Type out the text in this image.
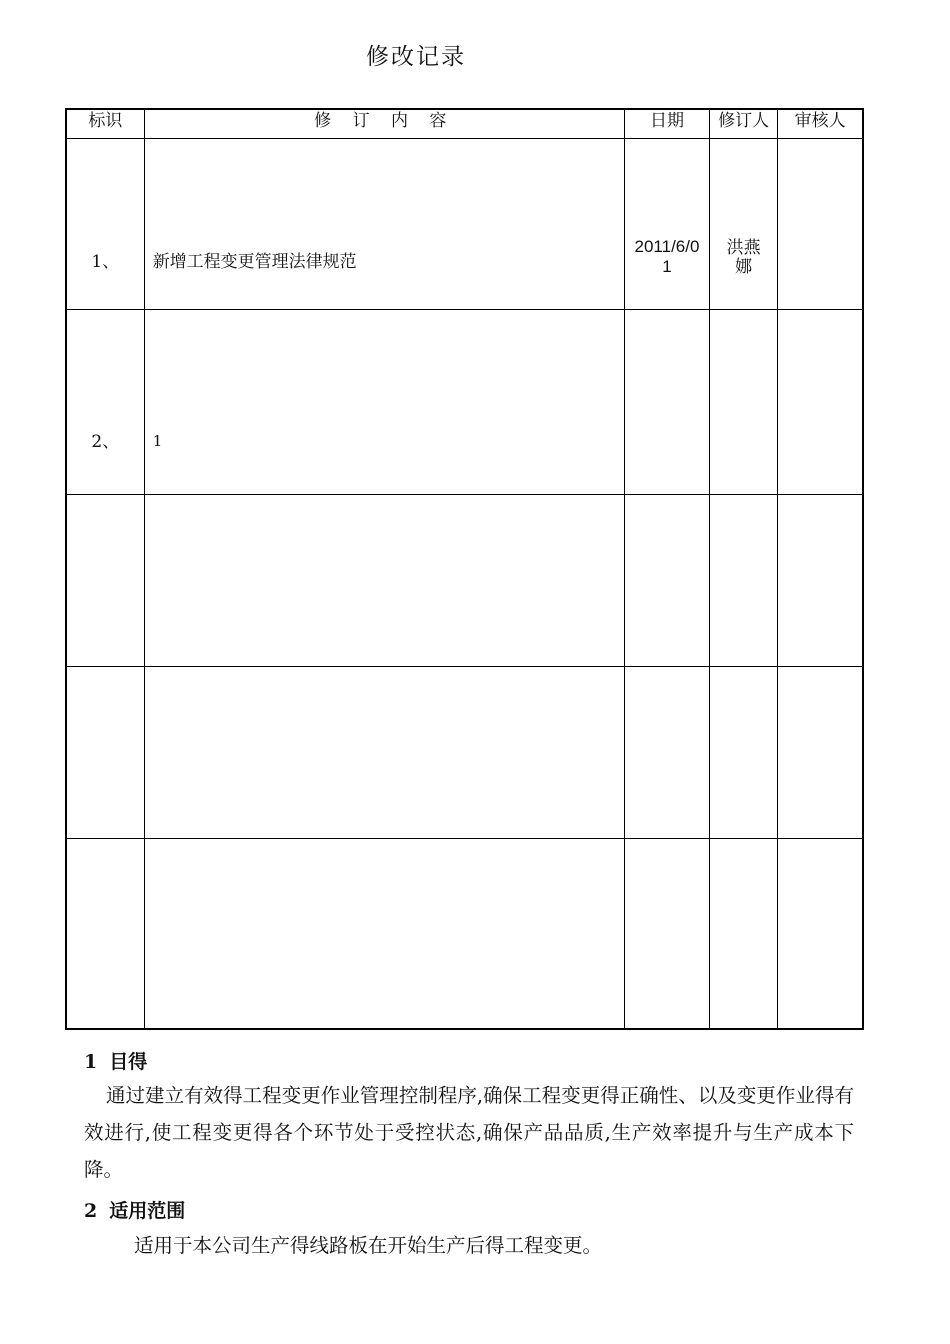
修改记录
标识	修 订 内 容	日期	修订人	审核人
1、	新增工程变更管理法律规范	2011/6/01	洪燕娜	
2、	1			

1 目得
通过建立有效得工程变更作业管理控制程序,确保工程变更得正确性、以及变更作业得有效进行,使工程变更得各个环节处于受控状态,确保产品品质,生产效率提升与生产成本下降。
2 适用范围
适用于本公司生产得线路板在开始生产后得工程变更。
